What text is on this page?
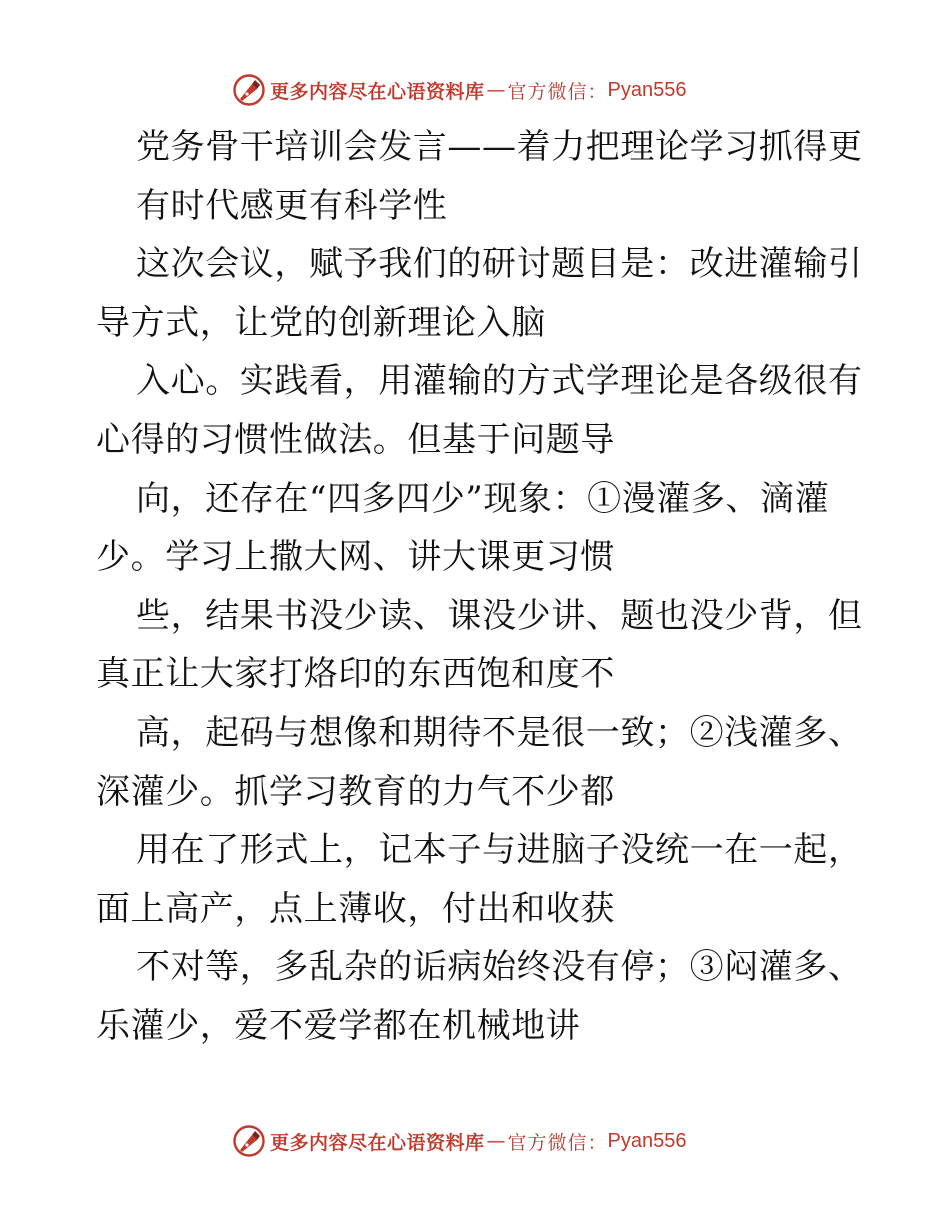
更多内容尽在心语资料库 — 官方微信： Pyan556
党务骨干培训会发言——着力把理论学习抓得更
有时代感更有科学性
这次会议，赋予我们的研讨题目是：改进灌输引
导方式，让党的创新理论入脑
入心。实践看，用灌输的方式学理论是各级很有
心得的习惯性做法。但基于问题导
向，还存在“四多四少”现象：①漫灌多、滴灌
少。学习上撒大网、讲大课更习惯
些，结果书没少读、课没少讲、题也没少背，但
真正让大家打烙印的东西饱和度不
高，起码与想像和期待不是很一致；②浅灌多、
深灌少。抓学习教育的力气不少都
用在了形式上，记本子与进脑子没统一在一起，
面上高产，点上薄收，付出和收获
不对等，多乱杂的诟病始终没有停；③闷灌多、
乐灌少，爱不爱学都在机械地讲
更多内容尽在心语资料库 — 官方微信： Pyan556
